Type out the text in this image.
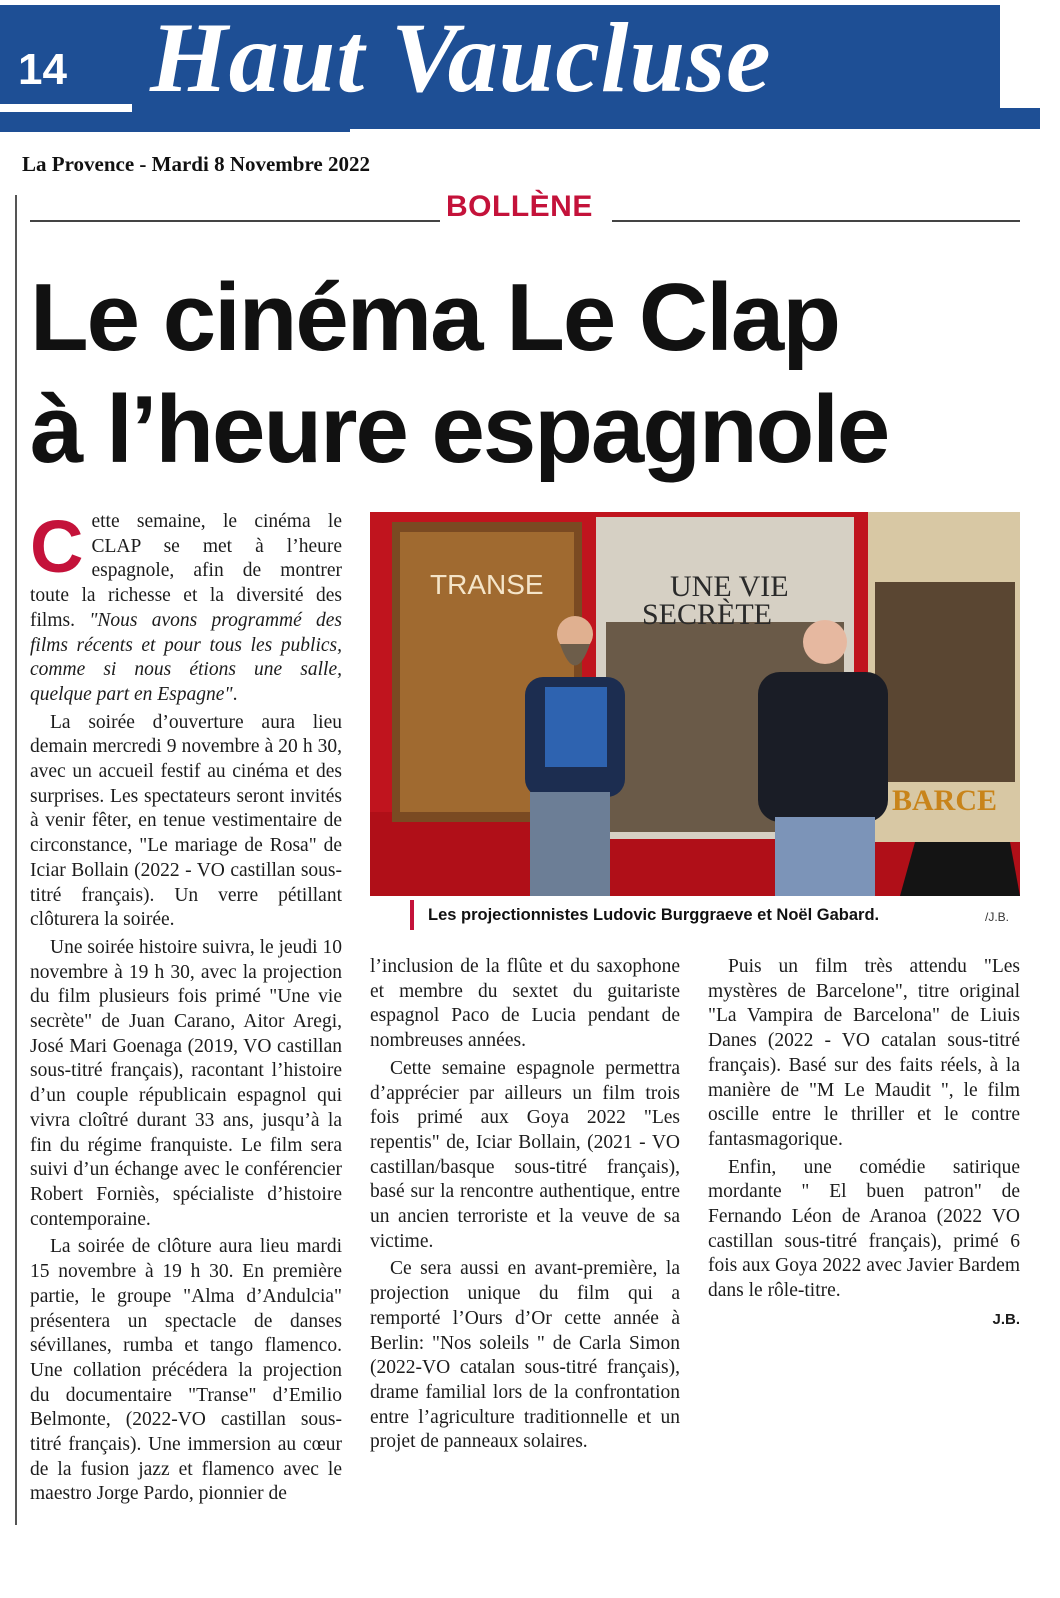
14 Haut Vaucluse
La Provence - Mardi 8 Novembre 2022
BOLLÈNE
Le cinéma Le Clap
à l’heure espagnole

Cette semaine, le cinéma le CLAP se met à l’heure espagnole, afin de montrer toute la richesse et la diversité des films. "Nous avons programmé des films récents et pour tous les publics, comme si nous étions une salle, quelque part en Espagne".

La soirée d’ouverture aura lieu demain mercredi 9 novembre à 20 h 30, avec un accueil festif au cinéma et des surprises. Les spectateurs seront invités à venir fêter, en tenue vestimentaire de circonstance, "Le mariage de Rosa" de Iciar Bollain (2022 - VO castillan sous-titré français). Un verre pétillant clôturera la soirée.

Une soirée histoire suivra, le jeudi 10 novembre à 19 h 30, avec la projection du film plusieurs fois primé "Une vie secrète" de Juan Carano, Aitor Aregi, José Mari Goenaga (2019, VO castillan sous-titré français), racontant l’histoire d’un couple républicain espagnol qui vivra cloîtré durant 33 ans, jusqu’à la fin du régime franquiste. Le film sera suivi d’un échange avec le conférencier Robert Forniès, spécialiste d’histoire contemporaine.

La soirée de clôture aura lieu mardi 15 novembre à 19 h 30. En première partie, le groupe "Alma d’Andulcia" présentera un spectacle de danses sévillanes, rumba et tango flamenco. Une collation précédera la projection du documentaire "Transe" d’Emilio Belmonte, (2022-VO castillan sous-titré français). Une immersion au cœur de la fusion jazz et flamenco avec le maestro Jorge Pardo, pionnier de

TRANSE	UNE VIE
SECRÈTE
BARCE
Les projectionnistes Ludovic Burggraeve et Noël Gabard.	/J.B.

l’inclusion de la flûte et du saxophone et membre du sextet du guitariste espagnol Paco de Lucia pendant de nombreuses années.

Cette semaine espagnole permettra d’apprécier par ailleurs un film trois fois primé aux Goya 2022 "Les repentis" de, Iciar Bollain, (2021 - VO castillan/basque sous-titré français), basé sur la rencontre authentique, entre un ancien terroriste et la veuve de sa victime.

Ce sera aussi en avant-première, la projection unique du film qui a remporté l’Ours d’Or cette année à Berlin: "Nos soleils " de Carla Simon (2022-VO catalan sous-titré français), drame familial lors de la confrontation entre l’agriculture traditionnelle et un projet de panneaux solaires.

Puis un film très attendu "Les mystères de Barcelone", titre original "La Vampira de Barcelona" de Liuis Danes (2022 - VO catalan sous-titré français). Basé sur des faits réels, à la manière de "M Le Maudit ", le film oscille entre le thriller et le contre fantasmagorique.

Enfin, une comédie satirique mordante " El buen patron" de Fernando Léon de Aranoa (2022 VO castillan sous-titré français), primé 6 fois aux Goya 2022 avec Javier Bardem dans le rôle-titre.

J.B.
